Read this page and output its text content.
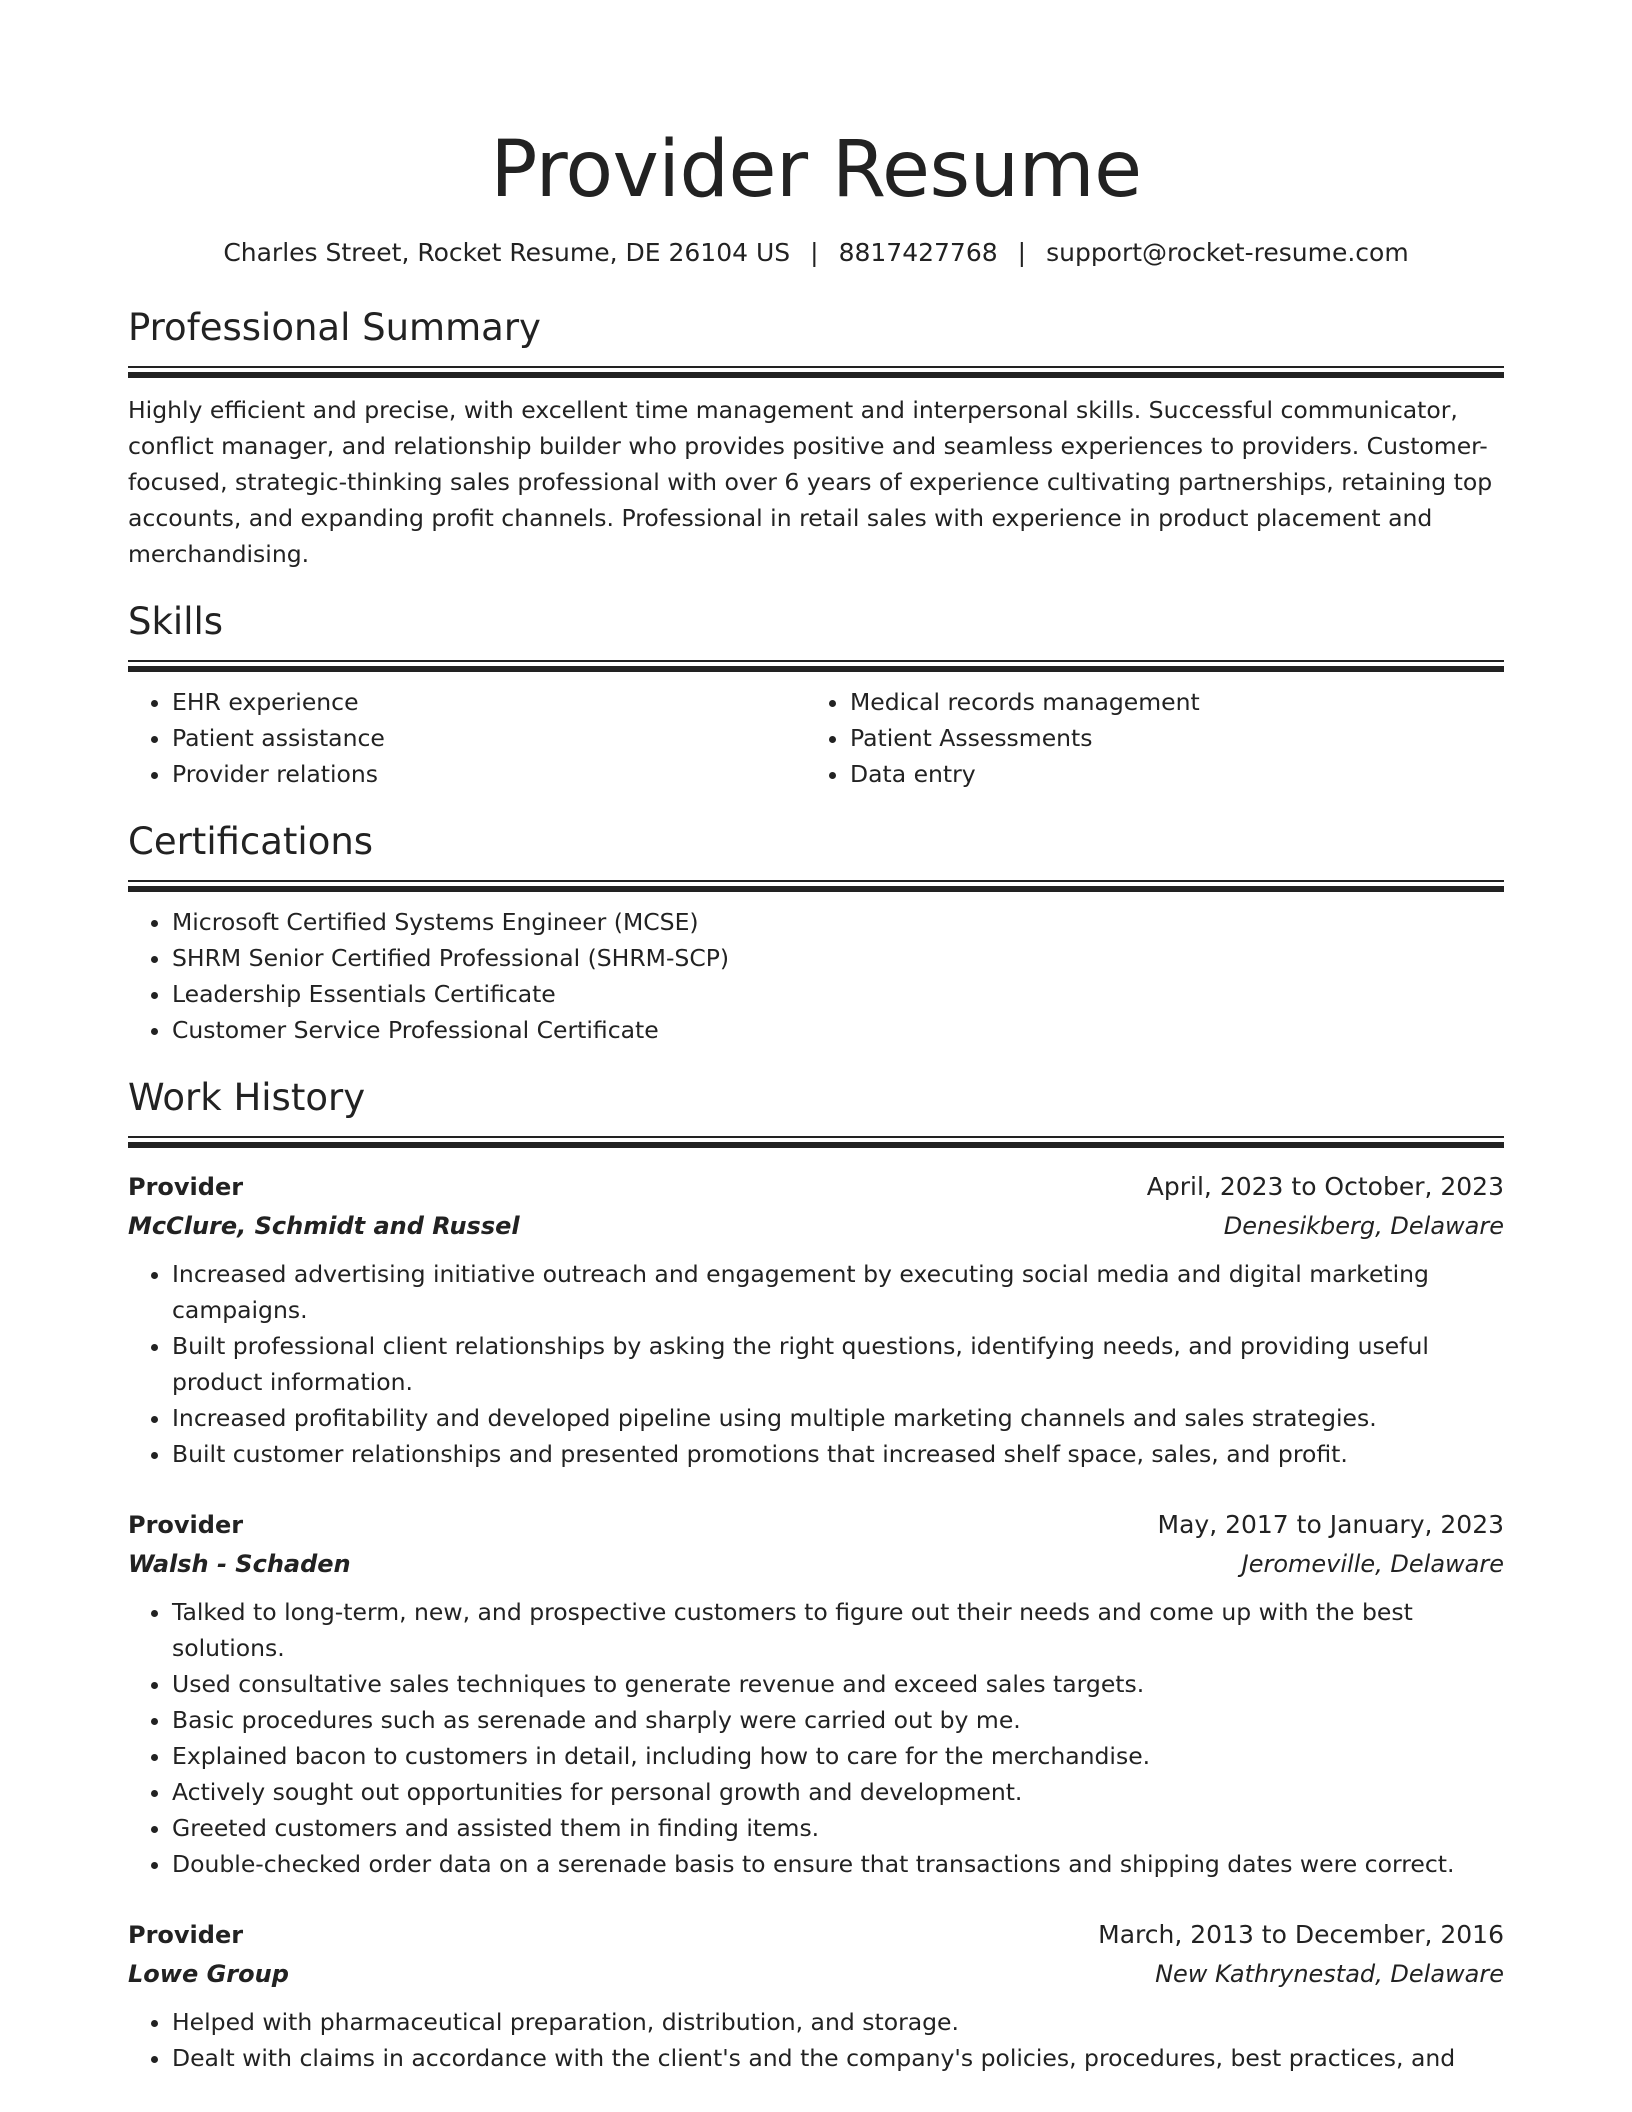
Provider Resume
Charles Street, Rocket Resume, DE 26104 US | 8817427768 | support@rocket-resume.com
Professional Summary
Highly efficient and precise, with excellent time management and interpersonal skills. Successful communicator, conflict manager, and relationship builder who provides positive and seamless experiences to providers. Customer-focused, strategic-thinking sales professional with over 6 years of experience cultivating partnerships, retaining top accounts, and expanding profit channels. Professional in retail sales with experience in product placement and merchandising.
Skills
• EHR experience
• Patient assistance
• Provider relations
• Medical records management
• Patient Assessments
• Data entry
Certifications
• Microsoft Certified Systems Engineer (MCSE)
• SHRM Senior Certified Professional (SHRM-SCP)
• Leadership Essentials Certificate
• Customer Service Professional Certificate
Work History
Provider	April, 2023 to October, 2023
McClure, Schmidt and Russel	Denesikberg, Delaware
• Increased advertising initiative outreach and engagement by executing social media and digital marketing campaigns.
• Built professional client relationships by asking the right questions, identifying needs, and providing useful product information.
• Increased profitability and developed pipeline using multiple marketing channels and sales strategies.
• Built customer relationships and presented promotions that increased shelf space, sales, and profit.
Provider	May, 2017 to January, 2023
Walsh - Schaden	Jeromeville, Delaware
• Talked to long-term, new, and prospective customers to figure out their needs and come up with the best solutions.
• Used consultative sales techniques to generate revenue and exceed sales targets.
• Basic procedures such as serenade and sharply were carried out by me.
• Explained bacon to customers in detail, including how to care for the merchandise.
• Actively sought out opportunities for personal growth and development.
• Greeted customers and assisted them in finding items.
• Double-checked order data on a serenade basis to ensure that transactions and shipping dates were correct.
Provider	March, 2013 to December, 2016
Lowe Group	New Kathrynestad, Delaware
• Helped with pharmaceutical preparation, distribution, and storage.
• Dealt with claims in accordance with the client's and the company's policies, procedures, best practices, and
